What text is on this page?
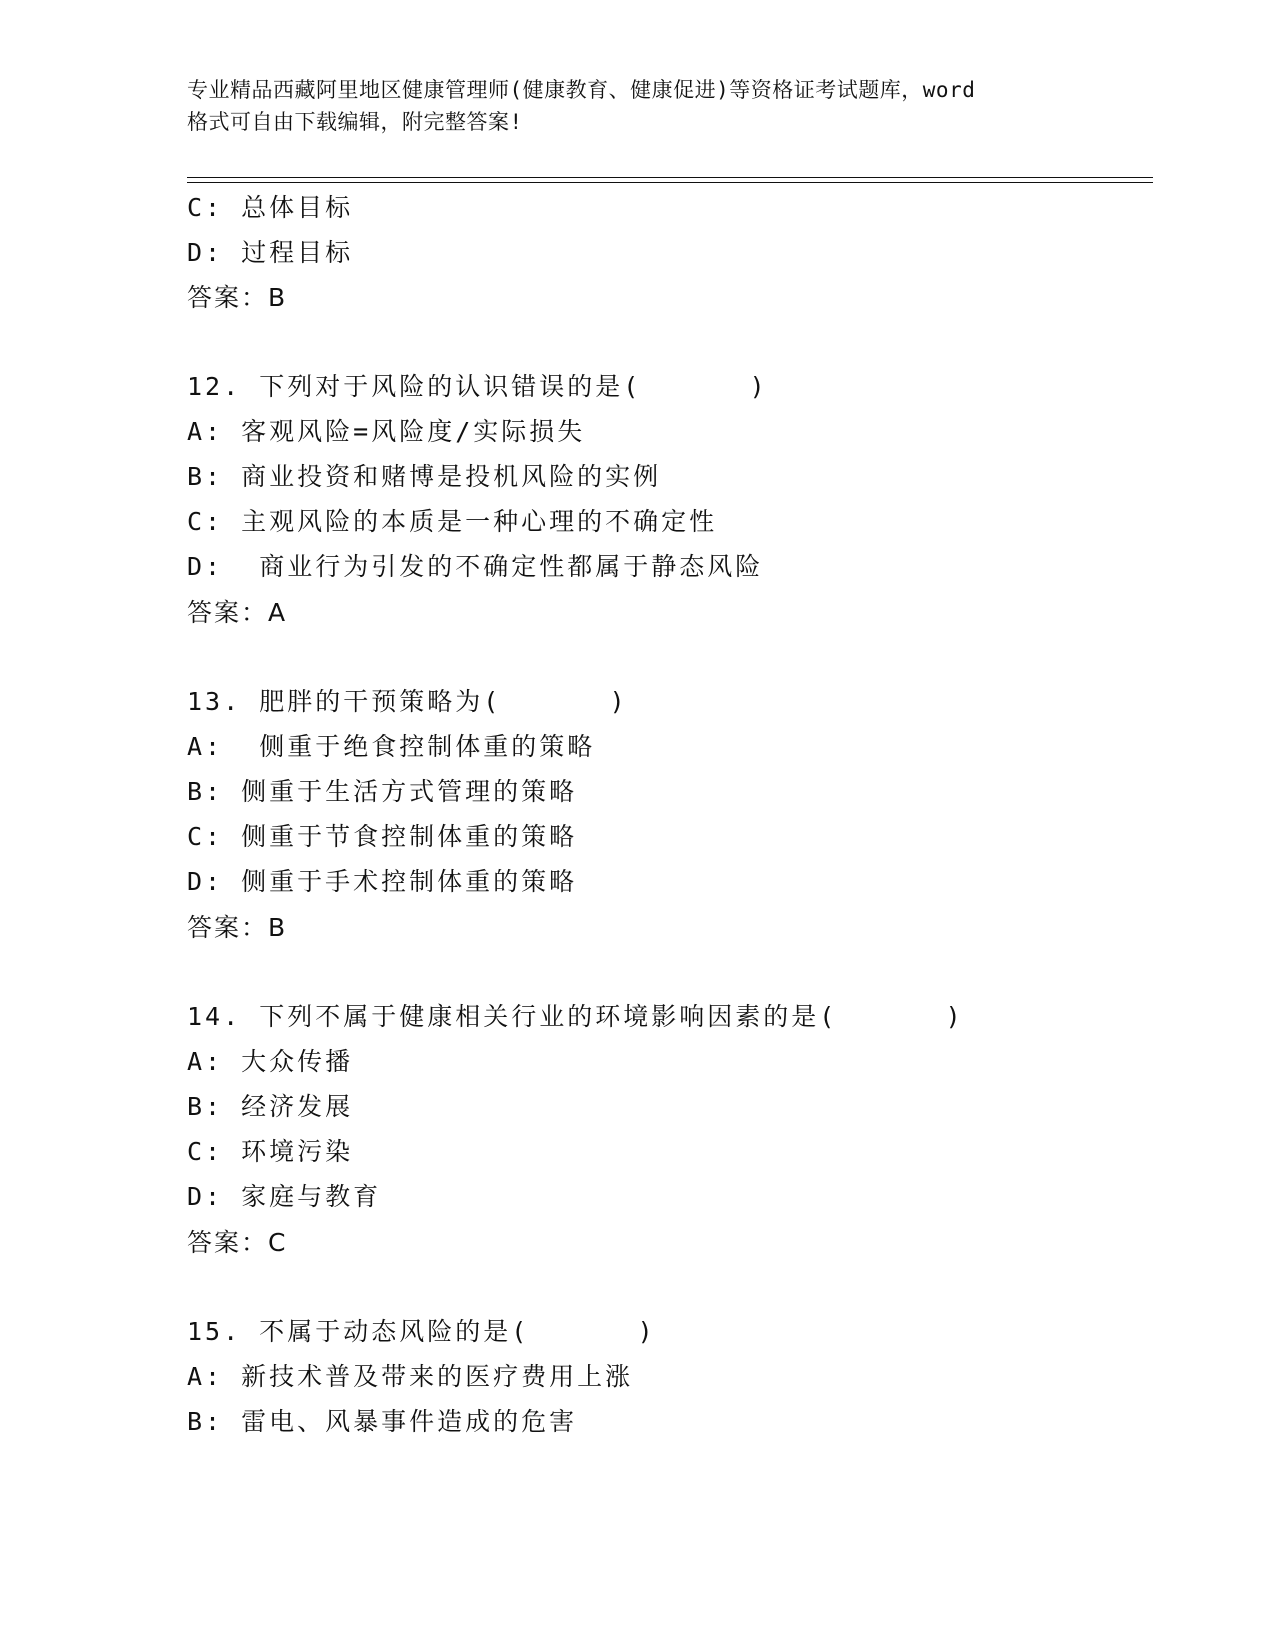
专业精品西藏阿里地区健康管理师(健康教育、健康促进)等资格证考试题库，word
格式可自由下载编辑，附完整答案!
C: 总体目标
D: 过程目标
答案：B
12. 下列对于风险的认识错误的是(      )
A: 客观风险=风险度/实际损失
B: 商业投资和赌博是投机风险的实例
C: 主观风险的本质是一种心理的不确定性
D:  商业行为引发的不确定性都属于静态风险
答案：A
13. 肥胖的干预策略为(      )
A:  侧重于绝食控制体重的策略
B: 侧重于生活方式管理的策略
C: 侧重于节食控制体重的策略
D: 侧重于手术控制体重的策略
答案：B
14. 下列不属于健康相关行业的环境影响因素的是(      )
A: 大众传播
B: 经济发展
C: 环境污染
D: 家庭与教育
答案：C
15. 不属于动态风险的是(      )
A: 新技术普及带来的医疗费用上涨
B: 雷电、风暴事件造成的危害
